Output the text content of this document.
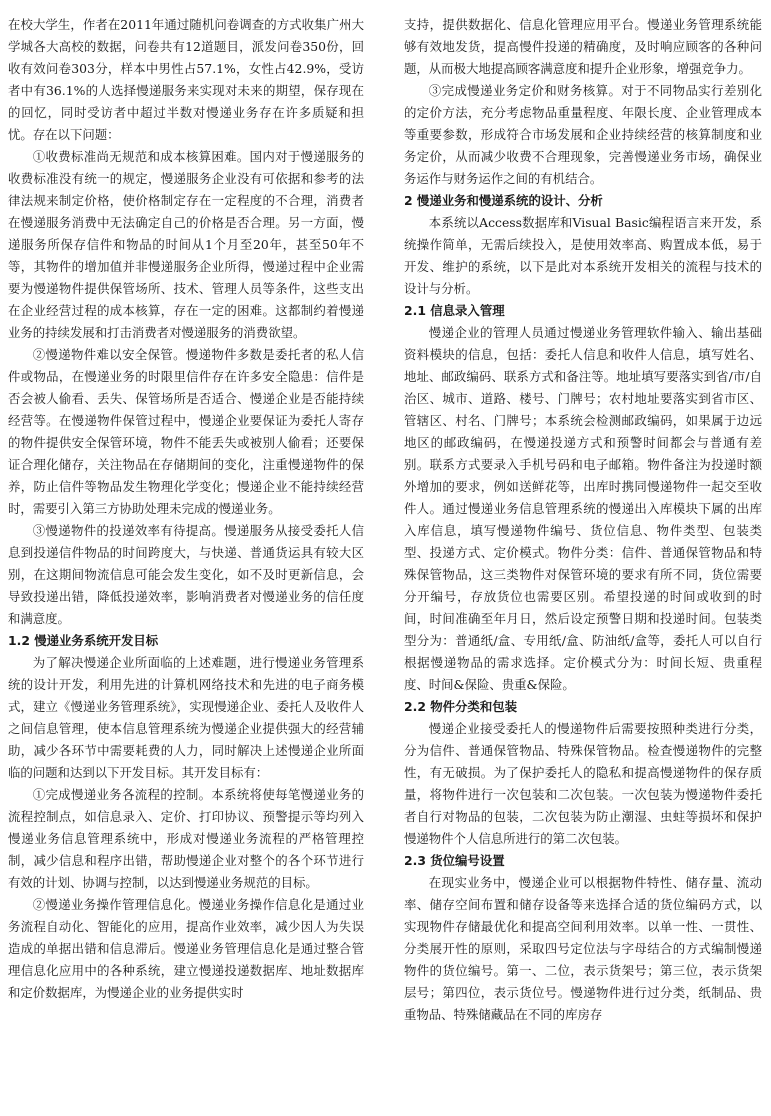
在校大学生，作者在2011年通过随机问卷调查的方式收集广州大学城各大高校的数据，问卷共有12道题目，派发问卷350份，回收有效问卷303分，样本中男性占57.1%，女性占42.9%，受访者中有36.1%的人选择慢递服务来实现对未来的期望，保存现在的回忆，同时受访者中超过半数对慢递业务存在许多质疑和担忧。存在以下问题：

①收费标准尚无规范和成本核算困难。国内对于慢递服务的收费标准没有统一的规定，慢递服务企业没有可依据和参考的法律法规来制定价格，使价格制定存在一定程度的不合理，消费者在慢递服务消费中无法确定自己的价格是否合理。另一方面，慢递服务所保存信件和物品的时间从1个月至20年，甚至50年不等，其物件的增加值并非慢递服务企业所得，慢递过程中企业需要为慢递物件提供保管场所、技术、管理人员等条件，这些支出在企业经营过程的成本核算，存在一定的困难。这都制约着慢递业务的持续发展和打击消费者对慢递服务的消费欲望。

②慢递物件难以安全保管。慢递物件多数是委托者的私人信件或物品，在慢递业务的时限里信件存在许多安全隐患：信件是否会被人偷看、丢失、保管场所是否适合、慢递企业是否能持续经营等。在慢递物件保管过程中，慢递企业要保证为委托人寄存的物件提供安全保管环境，物件不能丢失或被别人偷看；还要保证合理化储存，关注物品在存储期间的变化，注重慢递物件的保养，防止信件等物品发生物理化学变化；慢递企业不能持续经营时，需要引入第三方协助处理未完成的慢递业务。

③慢递物件的投递效率有待提高。慢递服务从接受委托人信息到投递信件物品的时间跨度大，与快递、普通货运具有较大区别，在这期间物流信息可能会发生变化，如不及时更新信息，会导致投递出错，降低投递效率，影响消费者对慢递业务的信任度和满意度。

1.2 慢递业务系统开发目标

为了解决慢递企业所面临的上述难题，进行慢递业务管理系统的设计开发，利用先进的计算机网络技术和先进的电子商务模式，建立《慢递业务管理系统》，实现慢递企业、委托人及收件人之间信息管理，使本信息管理系统为慢递企业提供强大的经营辅助，减少各环节中需要耗费的人力，同时解决上述慢递企业所面临的问题和达到以下开发目标。其开发目标有：

①完成慢递业务各流程的控制。本系统将使每笔慢递业务的流程控制点，如信息录入、定价、打印协议、预警提示等均列入慢递业务信息管理系统中，形成对慢递业务流程的严格管理控制，减少信息和程序出错，帮助慢递企业对整个的各个环节进行有效的计划、协调与控制，以达到慢递业务规范的目标。

②慢递业务操作管理信息化。慢递业务操作信息化是通过业务流程自动化、智能化的应用，提高作业效率，减少因人为失误造成的单据出错和信息滞后。慢递业务管理信息化是通过整合管理信息化应用中的各种系统，建立慢递投递数据库、地址数据库和定价数据库，为慢递企业的业务提供实时

支持，提供数据化、信息化管理应用平台。慢递业务管理系统能够有效地发货，提高慢件投递的精确度，及时响应顾客的各种问题，从而极大地提高顾客满意度和提升企业形象，增强竞争力。

③完成慢递业务定价和财务核算。对于不同物品实行差别化的定价方法，充分考虑物品重量程度、年限长度、企业管理成本等重要参数，形成符合市场发展和企业持续经营的核算制度和业务定价，从而减少收费不合理现象，完善慢递业务市场，确保业务运作与财务运作之间的有机结合。

2 慢递业务和慢递系统的设计、分析

本系统以Access数据库和Visual Basic编程语言来开发，系统操作简单，无需后续投入，是使用效率高、购置成本低，易于开发、维护的系统，以下是此对本系统开发相关的流程与技术的设计与分析。

2.1 信息录入管理

慢递企业的管理人员通过慢递业务管理软件输入、输出基础资料模块的信息，包括：委托人信息和收件人信息，填写姓名、地址、邮政编码、联系方式和备注等。地址填写要落实到省/市/自治区、城市、道路、楼号、门牌号；农村地址要落实到省市区、管辖区、村名、门牌号；本系统会检测邮政编码，如果属于边远地区的邮政编码，在慢递投递方式和预警时间都会与普通有差别。联系方式要录入手机号码和电子邮箱。物件备注为投递时额外增加的要求，例如送鲜花等，出库时携同慢递物件一起交至收件人。通过慢递业务信息管理系统的慢递出入库模块下属的出库入库信息，填写慢递物件编号、货位信息、物件类型、包装类型、投递方式、定价模式。物件分类：信件、普通保管物品和特殊保管物品，这三类物件对保管环境的要求有所不同，货位需要分开编号，存放货位也需要区别。希望投递的时间或收到的时间，时间准确至年月日，然后设定预警日期和投递时间。包装类型分为：普通纸/盒、专用纸/盒、防油纸/盒等，委托人可以自行根据慢递物品的需求选择。定价模式分为：时间长短、贵重程度、时间&保险、贵重&保险。

2.2 物件分类和包装

慢递企业接受委托人的慢递物件后需要按照种类进行分类，分为信件、普通保管物品、特殊保管物品。检查慢递物件的完整性，有无破损。为了保护委托人的隐私和提高慢递物件的保存质量，将物件进行一次包装和二次包装。一次包装为慢递物件委托者自行对物品的包装，二次包装为防止潮湿、虫蛀等损坏和保护慢递物件个人信息所进行的第二次包装。

2.3 货位编号设置

在现实业务中，慢递企业可以根据物件特性、储存量、流动率、储存空间布置和储存设备等来选择合适的货位编码方式，以实现物件存储最优化和提高空间利用效率。以单一性、一贯性、分类展开性的原则，采取四号定位法与字母结合的方式编制慢递物件的货位编号。第一、二位，表示货架号；第三位，表示货架层号；第四位，表示货位号。慢递物件进行过分类，纸制品、贵重物品、特殊储藏品在不同的库房存
